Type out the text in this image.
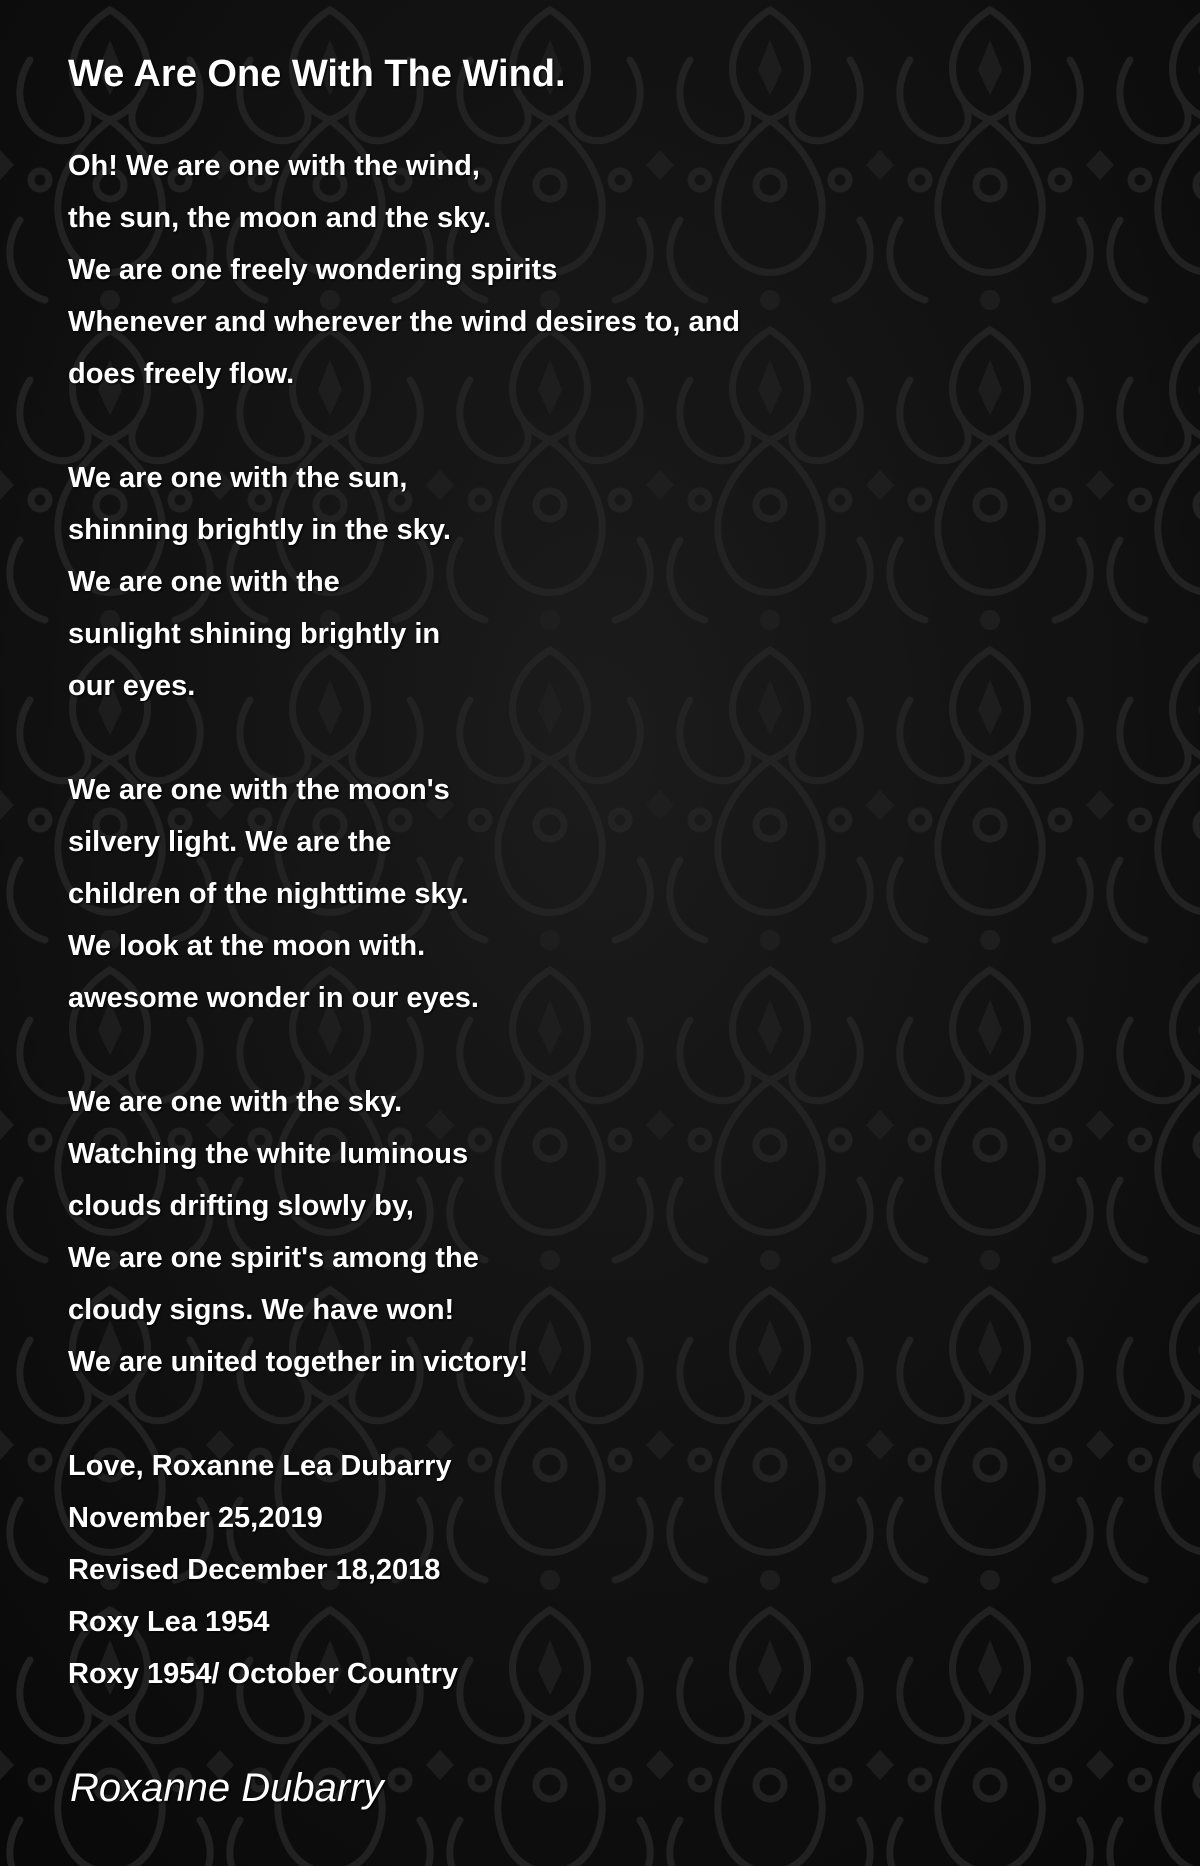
We Are One With The Wind.

Oh! We are one with the wind,
the sun, the moon and the sky.
We are one freely wondering spirits
Whenever and wherever the wind desires to, and
does freely flow.

We are one with the sun,
shinning brightly in the sky.
We are one with the
sunlight shining brightly in
our eyes.

We are one with the moon's
silvery light. We are the
children of the nighttime sky.
We look at the moon with.
awesome wonder in our eyes.

We are one with the sky.
Watching the white luminous
clouds drifting slowly by,
We are one spirit's among the
cloudy signs. We have won!
We are united together in victory!

Love, Roxanne Lea Dubarry
November 25,2019
Revised December 18,2018
Roxy Lea 1954
Roxy 1954/ October Country

Roxanne Dubarry
